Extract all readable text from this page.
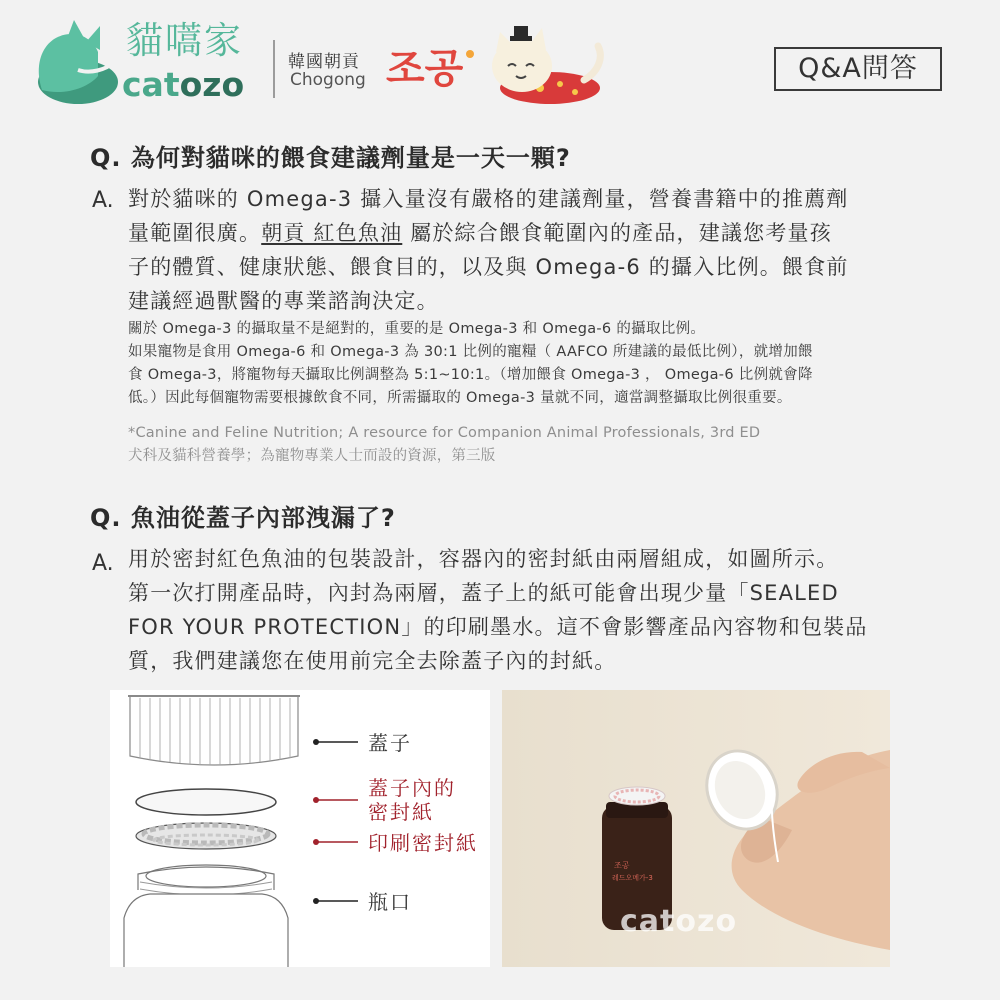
貓嚆家
catozo
韓國朝貢
Chogong 조공	Q&A問答
Q. 為何對貓咪的餵食建議劑量是一天一顆?
A. 對於貓咪的 Omega-3 攝入量沒有嚴格的建議劑量，營養書籍中的推薦劑
量範圍很廣。朝貢 紅色魚油 屬於綜合餵食範圍內的產品，建議您考量孩
子的體質、健康狀態、餵食目的，以及與 Omega-6 的攝入比例。餵食前
建議經過獸醫的專業諮詢決定。
關於 Omega-3 的攝取量不是絕對的，重要的是 Omega-3 和 Omega-6 的攝取比例。
如果寵物是食用 Omega-6 和 Omega-3 為 30:1 比例的寵糧（ AAFCO 所建議的最低比例），就增加餵
食 Omega-3，將寵物每天攝取比例調整為 5:1~10:1。（增加餵食 Omega-3 ， Omega-6 比例就會降
低。）因此每個寵物需要根據飲食不同，所需攝取的 Omega-3 量就不同，適當調整攝取比例很重要。
*Canine and Feline Nutrition; A resource for Companion Animal Professionals, 3rd ED
犬科及貓科營養學；為寵物專業人士而設的資源，第三版
Q. 魚油從蓋子內部洩漏了?
A. 用於密封紅色魚油的包裝設計，容器內的密封紙由兩層組成，如圖所示。
第一次打開產品時，內封為兩層，蓋子上的紙可能會出現少量「SEALED
FOR YOUR PROTECTION」的印刷墨水。這不會影響產品內容物和包裝品
質，我們建議您在使用前完全去除蓋子內的封紙。
蓋子
蓋子內的
密封紙
印刷密封紙
瓶口
조공
레드오메가-3
catozo
